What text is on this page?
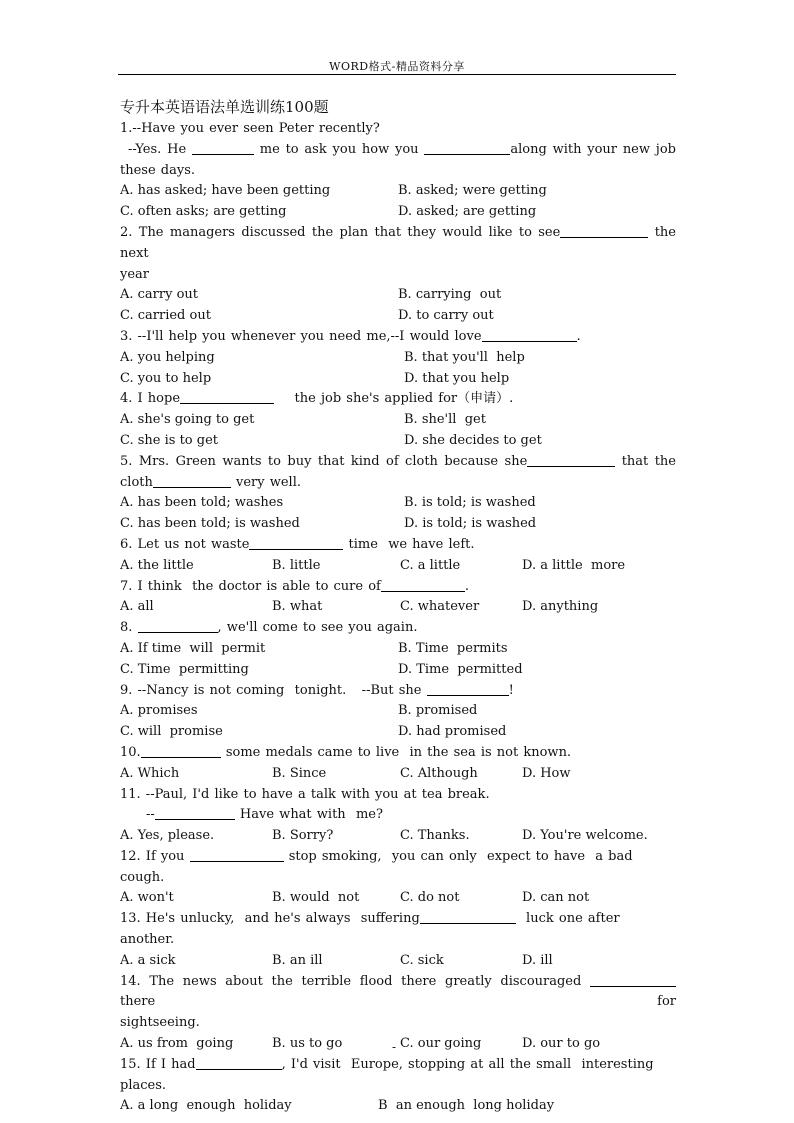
WORD格式-精品资料分享
专升本英语语法单选训练100题
1.--Have you ever seen Peter recently?
--Yes. He	me to ask you how you	along with your new job
these days.
A. has asked; have been getting	B. asked; were getting
C. often asks; are getting	D. asked; are getting
2. The managers discussed the plan that they would like to see	the next
year
A. carry out	B. carrying  out
C. carried out	D. to carry out
3. --I'll help you whenever you need me,--I would love	.
A. you helping	B. that you'll  help
C. you to help	D. that you help
4. I hope	the job she's applied for（申请）.
A. she's going to get	B. she'll  get
C. she is to get	D. she decides to get
5. Mrs. Green wants to buy that kind of cloth because she	that the
cloth	very well.
A. has been told; washes	B. is told; is washed
C. has been told; is washed	D. is told; is washed
6. Let us not waste	time  we have left.
A. the little	B. little	C. a little	D. a little  more
7. I think  the doctor is able to cure of	.
A. all	B. what	C. whatever	D. anything
8.	, we'll come to see you again.
A. If time  will  permit	B. Time  permits
C. Time  permitting	D. Time  permitted
9. --Nancy is not coming  tonight.   --But she	!
A. promises	B. promised
C. will  promise	D. had promised
10.	some medals came to live  in the sea is not known.
A. Which	B. Since	C. Although	D. How
11. --Paul, I'd like to have a talk with you at tea break.
--	Have what with  me?
A. Yes, please.	B. Sorry?	C. Thanks.	D. You're welcome.
12. If you	stop smoking,  you can only  expect to have  a bad cough.
A. won't	B. would  not	C. do not	D. can not
13. He's unlucky,  and he's always  suffering	luck one after another.
A. a sick	B. an ill	C. sick	D. ill
14. The news about the terrible flood there greatly discouraged	there for
sightseeing.
A. us from  going	B. us to go	C. our going	D. our to go
15. If I had	, I'd visit  Europe, stopping at all the small  interesting  places.
A. a long  enough  holiday	B  an enough  long holiday
-
